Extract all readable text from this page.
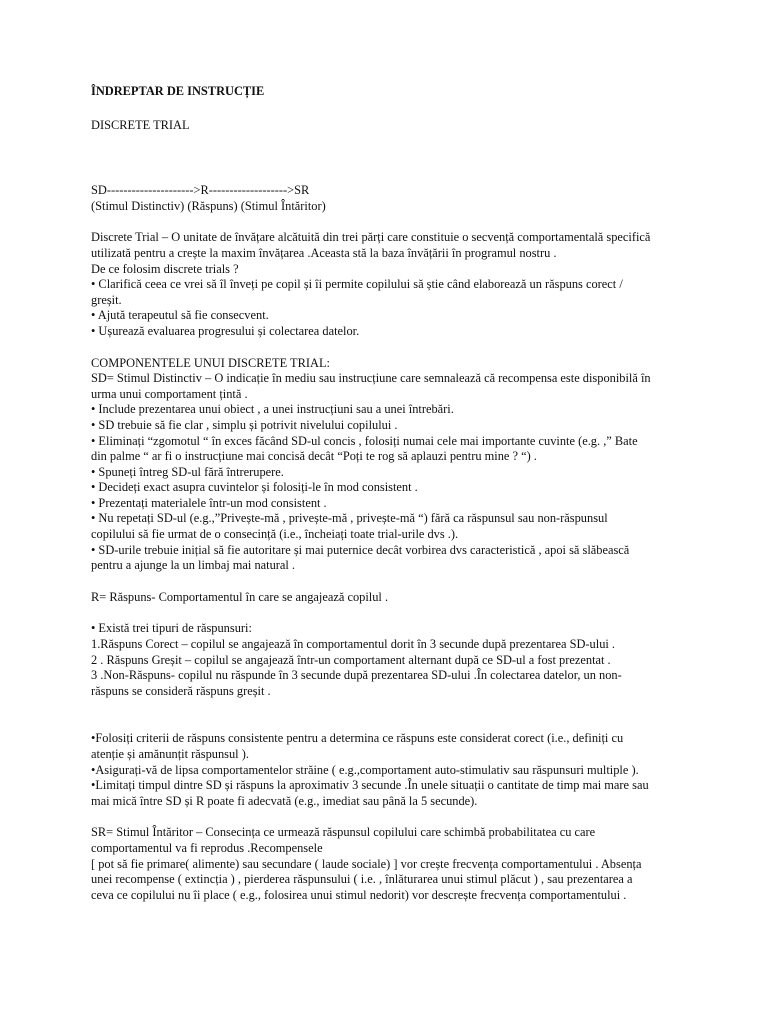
ÎNDREPTAR DE INSTRUCȚIE
DISCRETE TRIAL
SD--------------------->R------------------->SR
(Stimul Distinctiv) (Răspuns) (Stimul Întăritor)
Discrete Trial – O unitate de învățare alcătuită din trei părți care constituie o secvență comportamentală specifică
utilizată pentru a crește la maxim învățarea .Aceasta stă la baza învățării în programul nostru .
De ce folosim discrete trials ?
• Clarifică ceea ce vrei să îl înveți pe copil și îi permite copilului să știe când elaborează un răspuns corect /
greșit.
• Ajută terapeutul să fie consecvent.
• Ușurează evaluarea progresului și colectarea datelor.
COMPONENTELE UNUI DISCRETE TRIAL:
SD= Stimul Distinctiv – O indicație în mediu sau instrucțiune care semnalează că recompensa este disponibilă în
urma unui comportament țintă .
• Include prezentarea unui obiect , a unei instrucțiuni sau a unei întrebări.
• SD trebuie să fie clar , simplu și potrivit nivelului copilului .
• Eliminați “zgomotul “ în exces făcând SD-ul concis , folosiți numai cele mai importante cuvinte (e.g. ,” Bate
din palme “ ar fi o instrucțiune mai concisă decât “Poți te rog să aplauzi pentru mine ? “) .
• Spuneți întreg SD-ul fără întrerupere.
• Decideți exact asupra cuvintelor și folosiți-le în mod consistent .
• Prezentați materialele într-un mod consistent .
• Nu repetați SD-ul (e.g.,”Privește-mă , privește-mă , privește-mă “) fără ca răspunsul sau non-răspunsul
copilului să fie urmat de o consecință (i.e., încheiați toate trial-urile dvs .).
• SD-urile trebuie inițial să fie autoritare și mai puternice decât vorbirea dvs caracteristică , apoi să slăbească
pentru a ajunge la un limbaj mai natural .
R= Răspuns- Comportamentul în care se angajează copilul .
• Există trei tipuri de răspunsuri:
1.Răspuns Corect – copilul se angajează în comportamentul dorit în 3 secunde după prezentarea SD-ului .
2 . Răspuns Greșit – copilul se angajează într-un comportament alternant după ce SD-ul a fost prezentat .
3 .Non-Răspuns- copilul nu răspunde în 3 secunde după prezentarea SD-ului .În colectarea datelor, un non-
răspuns se consideră răspuns greșit .
•Folosiți criterii de răspuns consistente pentru a determina ce răspuns este considerat corect (i.e., definiți cu
atenție și amănunțit răspunsul ).
•Asigurați-vă de lipsa comportamentelor străine ( e.g.,comportament auto-stimulativ sau răspunsuri multiple ).
•Limitați timpul dintre SD și răspuns la aproximativ 3 secunde .În unele situații o cantitate de timp mai mare sau
mai mică între SD și R poate fi adecvată (e.g., imediat sau până la 5 secunde).
SR= Stimul Întăritor – Consecința ce urmează răspunsul copilului care schimbă probabilitatea cu care
comportamentul va fi reprodus .Recompensele
[ pot să fie primare( alimente) sau secundare ( laude sociale) ] vor crește frecvența comportamentului . Absența
unei recompense ( extincția ) , pierderea răspunsului ( i.e. , înlăturarea unui stimul plăcut ) , sau prezentarea a
ceva ce copilului nu îi place ( e.g., folosirea unui stimul nedorit) vor descrește frecvența comportamentului .
